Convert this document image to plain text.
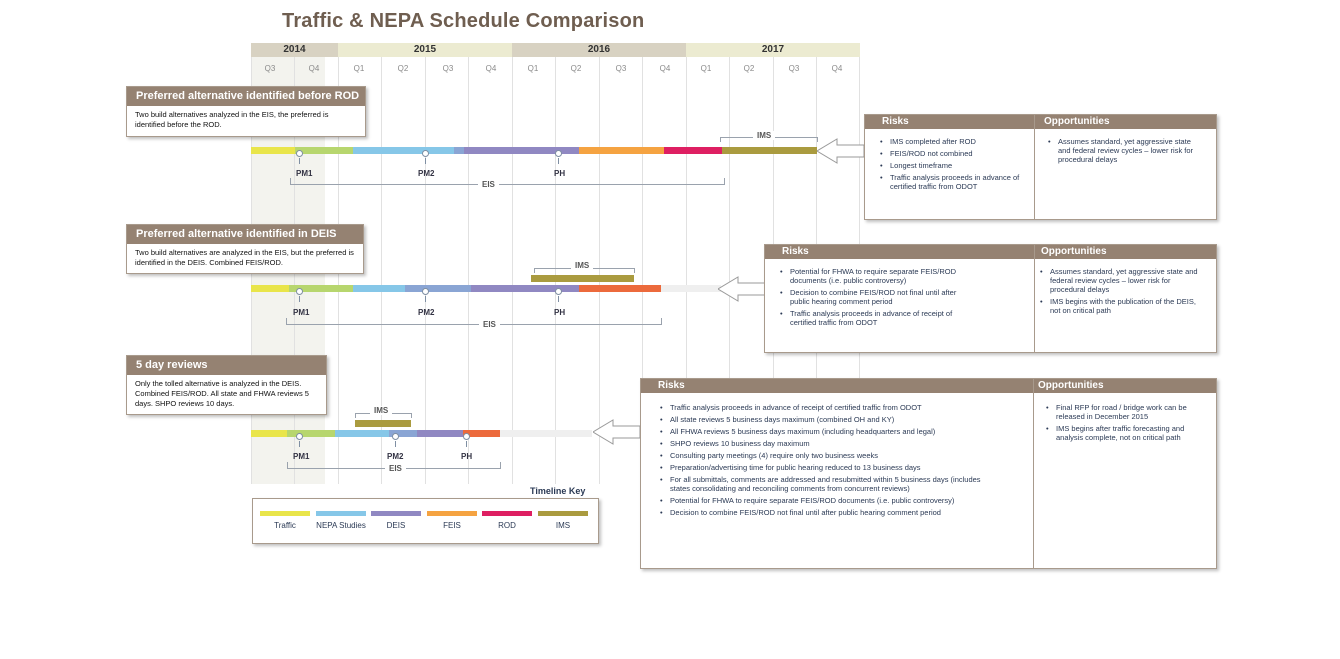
Traffic & NEPA Schedule Comparison
2014	2015	2016	2017
Q3	Q4	Q1	Q2	Q3	Q4	Q1	Q2	Q3	Q4	Q1	Q2	Q3	Q4
Preferred alternative identified before ROD
Two build alternatives analyzed in the EIS, the preferred is identified before the ROD.
PM1	PM2	PH
EIS
IMS
Risks	Opportunities
• IMS completed after ROD
• FEIS/ROD not combined
• Longest timeframe
• Traffic analysis proceeds in advance of certified traffic from ODOT
• Assumes standard, yet aggressive state and federal review cycles – lower risk for procedural delays
Preferred alternative identified in DEIS
Two build alternatives are analyzed in the EIS, but the preferred is identified in the DEIS. Combined FEIS/ROD.	IMS
PM1	PM2	PH
EIS
Risks	Opportunities
• Potential for FHWA to require separate FEIS/ROD documents (i.e. public controversy)
• Decision to combine FEIS/ROD not final until after public hearing comment period
• Traffic analysis proceeds in advance of receipt of certified traffic from ODOT
• Assumes standard, yet aggressive state and federal review cycles – lower risk for procedural delays
• IMS begins with the publication of the DEIS, not on critical path
5 day reviews
Only the tolled alternative is analyzed in the DEIS. Combined FEIS/ROD. All state and FHWA reviews 5 days. SHPO reviews 10 days.
IMS
PM1	PM2	PH
EIS
Risks	Opportunities
• Traffic analysis proceeds in advance of receipt of certified traffic from ODOT
• All state reviews 5 business days maximum (combined OH and KY)
• All FHWA reviews 5 business days maximum (including headquarters and legal)
• SHPO reviews 10 business day maximum
• Consulting party meetings (4) require only two business weeks
• Preparation/advertising time for public hearing reduced to 13 business days
• For all submittals, comments are addressed and resubmitted within 5 business days (includes states consolidating and reconciling comments from concurrent reviews)
• Potential for FHWA to require separate FEIS/ROD documents (i.e. public controversy)
• Decision to combine FEIS/ROD not final until after public hearing comment period
• Final RFP for road / bridge work can be released in December 2015
• IMS begins after traffic forecasting and analysis complete, not on critical path
Timeline Key
Traffic	NEPA Studies	DEIS	FEIS	ROD	IMS
